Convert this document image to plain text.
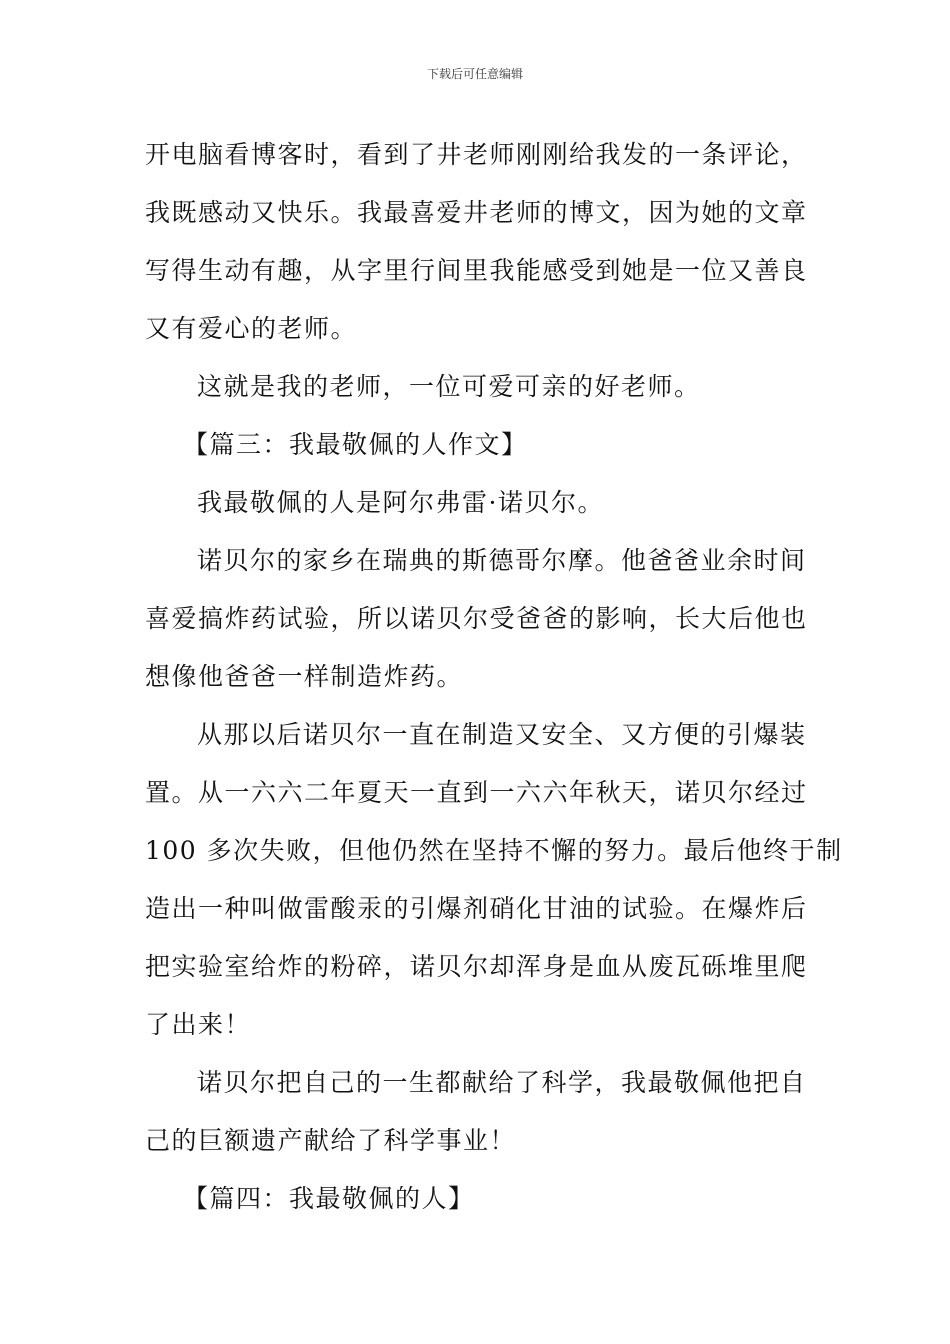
下载后可任意编辑
开电脑看博客时，看到了井老师刚刚给我发的一条评论，
我既感动又快乐。我最喜爱井老师的博文，因为她的文章
写得生动有趣，从字里行间里我能感受到她是一位又善良
又有爱心的老师。
这就是我的老师，一位可爱可亲的好老师。
【篇三：我最敬佩的人作文】
我最敬佩的人是阿尔弗雷·诺贝尔。
诺贝尔的家乡在瑞典的斯德哥尔摩。他爸爸业余时间
喜爱搞炸药试验，所以诺贝尔受爸爸的影响，长大后他也
想像他爸爸一样制造炸药。
从那以后诺贝尔一直在制造又安全、又方便的引爆装
置。从一六六二年夏天一直到一六六年秋天，诺贝尔经过
100 多次失败，但他仍然在坚持不懈的努力。最后他终于制
造出一种叫做雷酸汞的引爆剂硝化甘油的试验。在爆炸后
把实验室给炸的粉碎，诺贝尔却浑身是血从废瓦砾堆里爬
了出来！
诺贝尔把自己的一生都献给了科学，我最敬佩他把自
己的巨额遗产献给了科学事业！
【篇四：我最敬佩的人】
